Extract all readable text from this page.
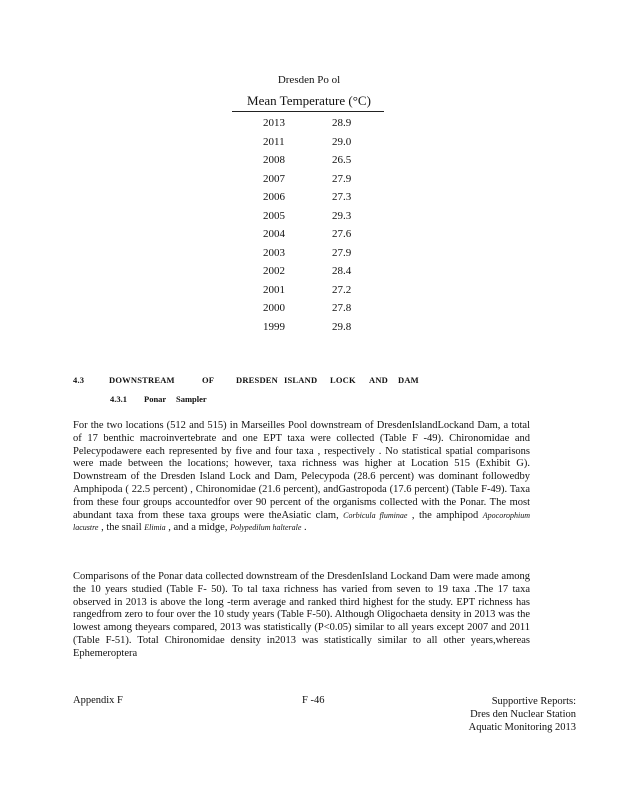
Dresden Po ol
Mean Temperature (°C)
2013	28.9
2011	29.0
2008	26.5
2007	27.9
2006	27.3
2005	29.3
2004	27.6
2003	27.9
2002	28.4
2001	27.2
2000	27.8
1999	29.8
4.3	DOWNSTREAM	OF	DRESDEN ISLAND LOCK AND DAM
4.3.1 Ponar Sampler

For the two locations (512 and 515) in Marseilles Pool downstream of DresdenIslandLockand Dam, a total of 17 benthic macroinvertebrate and one EPT taxa were collected (Table F -49). Chironomidae and Pelecypodawere each represented by five and four taxa , respectively . No statistical spatial comparisons were made between the locations; however, taxa richness was higher at Location 515 (Exhibit G). Downstream of the Dresden Island Lock and Dam, Pelecypoda (28.6 percent) was dominant followedby Amphipoda ( 22.5 percent) , Chironomidae (21.6 percent), andGastropoda (17.6 percent) (Table F-49). Taxa from these four groups accountedfor over 90 percent of the organisms collected with the Ponar. The most abundant taxa from these taxa groups were theAsiatic clam, Corbicula fluminae , the amphipod Apocorophium lacustre , the snail Elimia , and a midge, Polypedilum halterale .

Comparisons of the Ponar data collected downstream of the DresdenIsland Lockand Dam were made among the 10 years studied (Table F- 50). To tal taxa richness has varied from seven to 19 taxa .The 17 taxa observed in 2013 is above the long -term average and ranked third highest for the study. EPT richness has rangedfrom zero to four over the 10 study years (Table F-50). Although Oligochaeta density in 2013 was the lowest among theyears compared, 2013 was statistically (P<0.05) similar to all years except 2007 and 2011 (Table F-51). Total Chironomidae density in2013 was statistically similar to all other years,whereas Ephemeroptera

Appendix F	F -46	Supportive Reports:
Dres den Nuclear Station
Aquatic Monitoring 2013
